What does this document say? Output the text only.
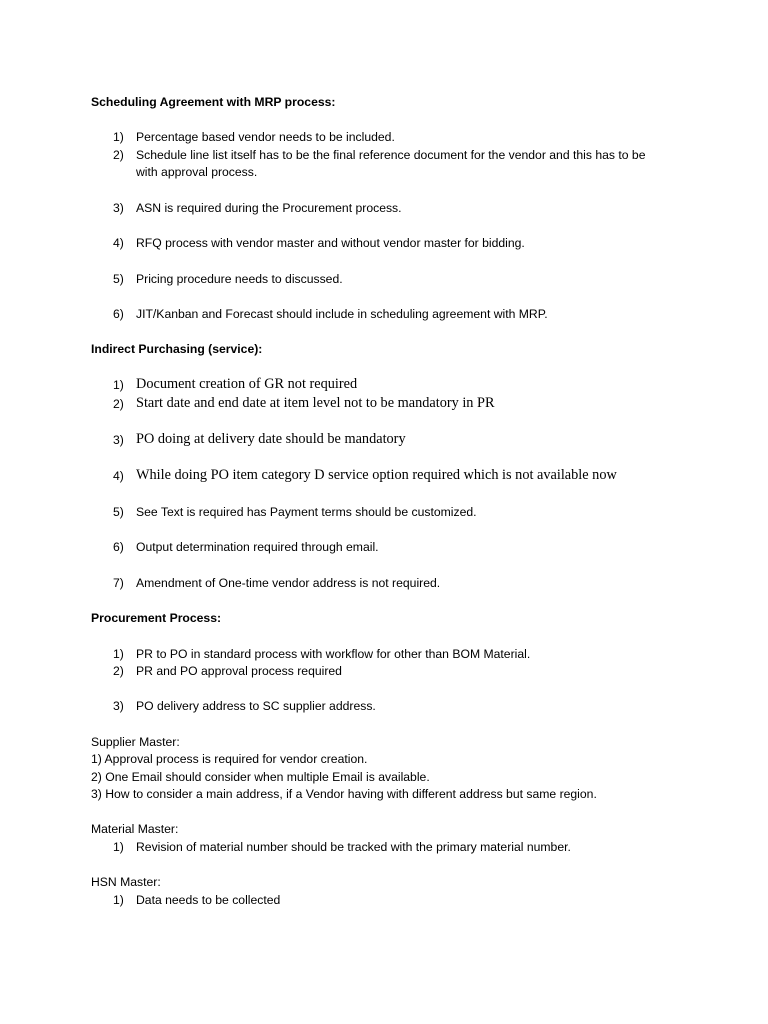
Scheduling Agreement with MRP process:
1) Percentage based vendor needs to be included.
2) Schedule line list itself has to be the final reference document for the vendor and this has to be
with approval process.
3) ASN is required during the Procurement process.
4) RFQ process with vendor master and without vendor master for bidding.
5) Pricing procedure needs to discussed.
6) JIT/Kanban and Forecast should include in scheduling agreement with MRP.
Indirect Purchasing (service):
1) Document creation of GR not required
2) Start date and end date at item level not to be mandatory in PR
3) PO doing at delivery date should be mandatory
4) While doing PO item category D service option required which is not available now
5) See Text is required has Payment terms should be customized.
6) Output determination required through email.
7) Amendment of One-time vendor address is not required.
Procurement Process:
1) PR to PO in standard process with workflow for other than BOM Material.
2) PR and PO approval process required
3) PO delivery address to SC supplier address.
Supplier Master:
1) Approval process is required for vendor creation.
2) One Email should consider when multiple Email is available.
3) How to consider a main address, if a Vendor having with different address but same region.
Material Master:
1) Revision of material number should be tracked with the primary material number.
HSN Master:
1) Data needs to be collected
